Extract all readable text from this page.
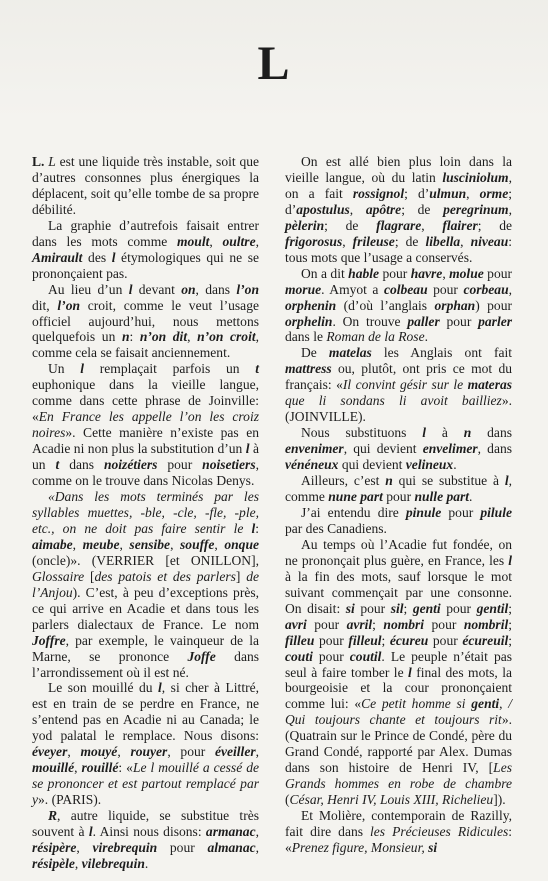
L

L. L est une liquide très instable, soit que d’autres consonnes plus énergiques la déplacent, soit qu’elle tombe de sa propre débilité.

La graphie d’autrefois faisait entrer dans les mots comme moult, oultre, Amirault des l étymologiques qui ne se prononçaient pas.

Au lieu d’un l devant on, dans l’on dit, l’on croit, comme le veut l’usage officiel aujourd’hui, nous mettons quelquefois un n: n’on dit, n’on croit, comme cela se faisait anciennement.

Un l remplaçait parfois un t euphonique dans la vieille langue, comme dans cette phrase de Joinville: «En France les appelle l’on les croiz noires». Cette manière n’existe pas en Acadie ni non plus la substitution d’un l à un t dans noizétiers pour noisetiers, comme on le trouve dans Nicolas Denys.

«Dans les mots terminés par les syllables muettes, -ble, -cle, -fle, -ple, etc., on ne doit pas faire sentir le l: aimabe, meube, sensibe, souffe, onque (oncle)». (VERRIER [et ONILLON], Glossaire [des patois et des parlers] de l’Anjou). C’est, à peu d’exceptions près, ce qui arrive en Acadie et dans tous les parlers dialectaux de France. Le nom Joffre, par exemple, le vainqueur de la Marne, se prononce Joffe dans l’arrondissement où il est né.

Le son mouillé du l, si cher à Littré, est en train de se perdre en France, ne s’entend pas en Acadie ni au Canada; le yod palatal le remplace. Nous disons: éveyer, mouyé, rouyer, pour éveiller, mouillé, rouillé: «Le l mouillé a cessé de se prononcer et est partout remplacé par y». (PARIS).

R, autre liquide, se substitue très souvent à l. Ainsi nous disons: armanac, résipère, virebrequin pour almanac, résipèle, vilebrequin.

On est allé bien plus loin dans la vieille langue, où du latin lusciniolum, on a fait rossignol; d’ulmun, orme; d’apostulus, apôtre; de peregrinum, pèlerin; de flagrare, flairer; de frigorosus, frileuse; de libella, niveau: tous mots que l’usage a conservés.

On a dit hable pour havre, molue pour morue. Amyot a colbeau pour corbeau, orphenin (d’où l’anglais orphan) pour orphelin. On trouve paller pour parler dans le Roman de la Rose.

De matelas les Anglais ont fait mattress ou, plutôt, ont pris ce mot du français: «Il convint gésir sur le materas que li sondans li avoit bailliez». (JOINVILLE).

Nous substituons l à n dans envenimer, qui devient envelimer, dans vénéneux qui devient velineux.

Ailleurs, c’est n qui se substitue à l, comme nune part pour nulle part.

J’ai entendu dire pinule pour pilule par des Canadiens.

Au temps où l’Acadie fut fondée, on ne prononçait plus guère, en France, les l à la fin des mots, sauf lorsque le mot suivant commençait par une consonne. On disait: si pour sil; genti pour gentil; avri pour avril; nombri pour nombril; filleu pour filleul; écureu pour écureuil; couti pour coutil. Le peuple n’était pas seul à faire tomber le l final des mots, la bourgeoisie et la cour prononçaient comme lui: «Ce petit homme si genti, / Qui toujours chante et toujours rit». (Quatrain sur le Prince de Condé, père du Grand Condé, rapporté par Alex. Dumas dans son histoire de Henri IV, [Les Grands hommes en robe de chambre (César, Henri IV, Louis XIII, Richelieu]).

Et Molière, contemporain de Razilly, fait dire dans les Précieuses Ridicules: «Prenez figure, Monsieur, si
